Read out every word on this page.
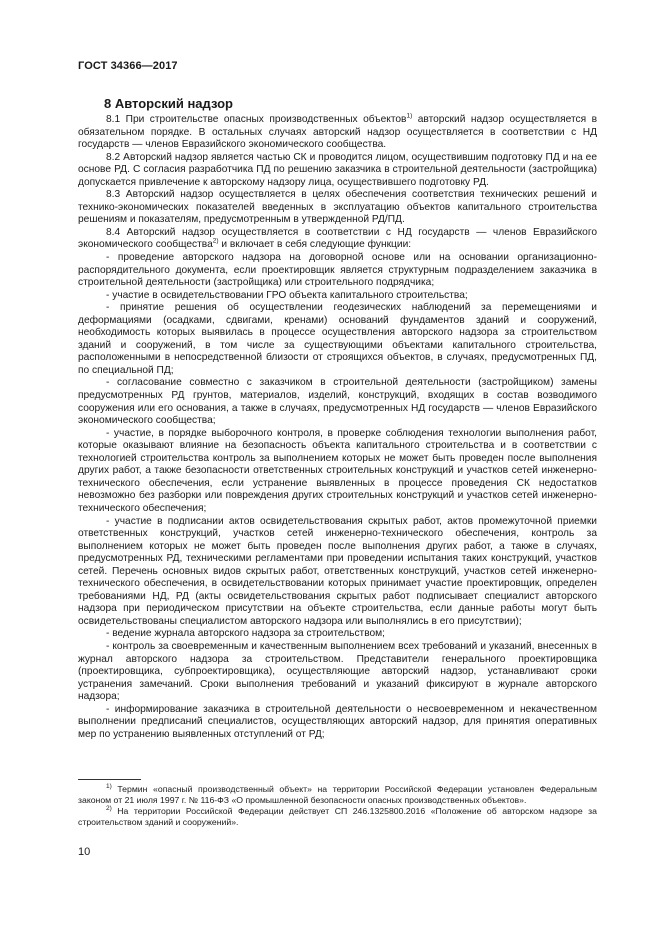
ГОСТ 34366—2017
8 Авторский надзор

8.1 При строительстве опасных производственных объектов$^{1)}$ авторский надзор осуществляется в обязательном порядке. В остальных случаях авторский надзор осуществляется в соответствии с НД государств — членов Евразийского экономического сообщества.

8.2 Авторский надзор является частью СК и проводится лицом, осуществившим подготовку ПД и на ее основе РД. С согласия разработчика ПД по решению заказчика в строительной деятельности (застройщика) допускается привлечение к авторскому надзору лица, осуществившего подготовку РД.

8.3 Авторский надзор осуществляется в целях обеспечения соответствия технических решений и технико-экономических показателей введенных в эксплуатацию объектов капитального строительства решениям и показателям, предусмотренным в утвержденной РД/ПД.

8.4 Авторский надзор осуществляется в соответствии с НД государств — членов Евразийского экономического сообщества$^{2)}$ и включает в себя следующие функции:

- проведение авторского надзора на договорной основе или на основании организационно-распорядительного документа, если проектировщик является структурным подразделением заказчика в строительной деятельности (застройщика) или строительного подрядчика;

- участие в освидетельствовании ГРО объекта капитального строительства;

- принятие решения об осуществлении геодезических наблюдений за перемещениями и деформациями (осадками, сдвигами, кренами) оснований фундаментов зданий и сооружений, необходимость которых выявилась в процессе осуществления авторского надзора за строительством зданий и сооружений, в том числе за существующими объектами капитального строительства, расположенными в непосредственной близости от строящихся объектов, в случаях, предусмотренных ПД, по специальной ПД;

- согласование совместно с заказчиком в строительной деятельности (застройщиком) замены предусмотренных РД грунтов, материалов, изделий, конструкций, входящих в состав возводимого сооружения или его основания, а также в случаях, предусмотренных НД государств — членов Евразийского экономического сообщества;

- участие, в порядке выборочного контроля, в проверке соблюдения технологии выполнения работ, которые оказывают влияние на безопасность объекта капитального строительства и в соответствии с технологией строительства контроль за выполнением которых не может быть проведен после выполнения других работ, а также безопасности ответственных строительных конструкций и участков сетей инженерно-технического обеспечения, если устранение выявленных в процессе проведения СК недостатков невозможно без разборки или повреждения других строительных конструкций и участков сетей инженерно-технического обеспечения;

- участие в подписании актов освидетельствования скрытых работ, актов промежуточной приемки ответственных конструкций, участков сетей инженерно-технического обеспечения, контроль за выполнением которых не может быть проведен после выполнения других работ, а также в случаях, предусмотренных РД, техническими регламентами при проведении испытания таких конструкций, участков сетей. Перечень основных видов скрытых работ, ответственных конструкций, участков сетей инженерно-технического обеспечения, в освидетельствовании которых принимает участие проектировщик, определен требованиями НД, РД (акты освидетельствования скрытых работ подписывает специалист авторского надзора при периодическом присутствии на объекте строительства, если данные работы могут быть освидетельствованы специалистом авторского надзора или выполнялись в его присутствии);

- ведение журнала авторского надзора за строительством;

- контроль за своевременным и качественным выполнением всех требований и указаний, внесенных в журнал авторского надзора за строительством. Представители генерального проектировщика (проектировщика, субпроектировщика), осуществляющие авторский надзор, устанавливают сроки устранения замечаний. Сроки выполнения требований и указаний фиксируют в журнале авторского надзора;

- информирование заказчика в строительной деятельности о несвоевременном и некачественном выполнении предписаний специалистов, осуществляющих авторский надзор, для принятия оперативных мер по устранению выявленных отступлений от РД;

$^{1)}$ Термин «опасный производственный объект» на территории Российской Федерации установлен Федеральным законом от 21 июля 1997 г. № 116-ФЗ «О промышленной безопасности опасных производственных объектов».

$^{2)}$ На территории Российской Федерации действует СП 246.1325800.2016 «Положение об авторском надзоре за строительством зданий и сооружений».

10
